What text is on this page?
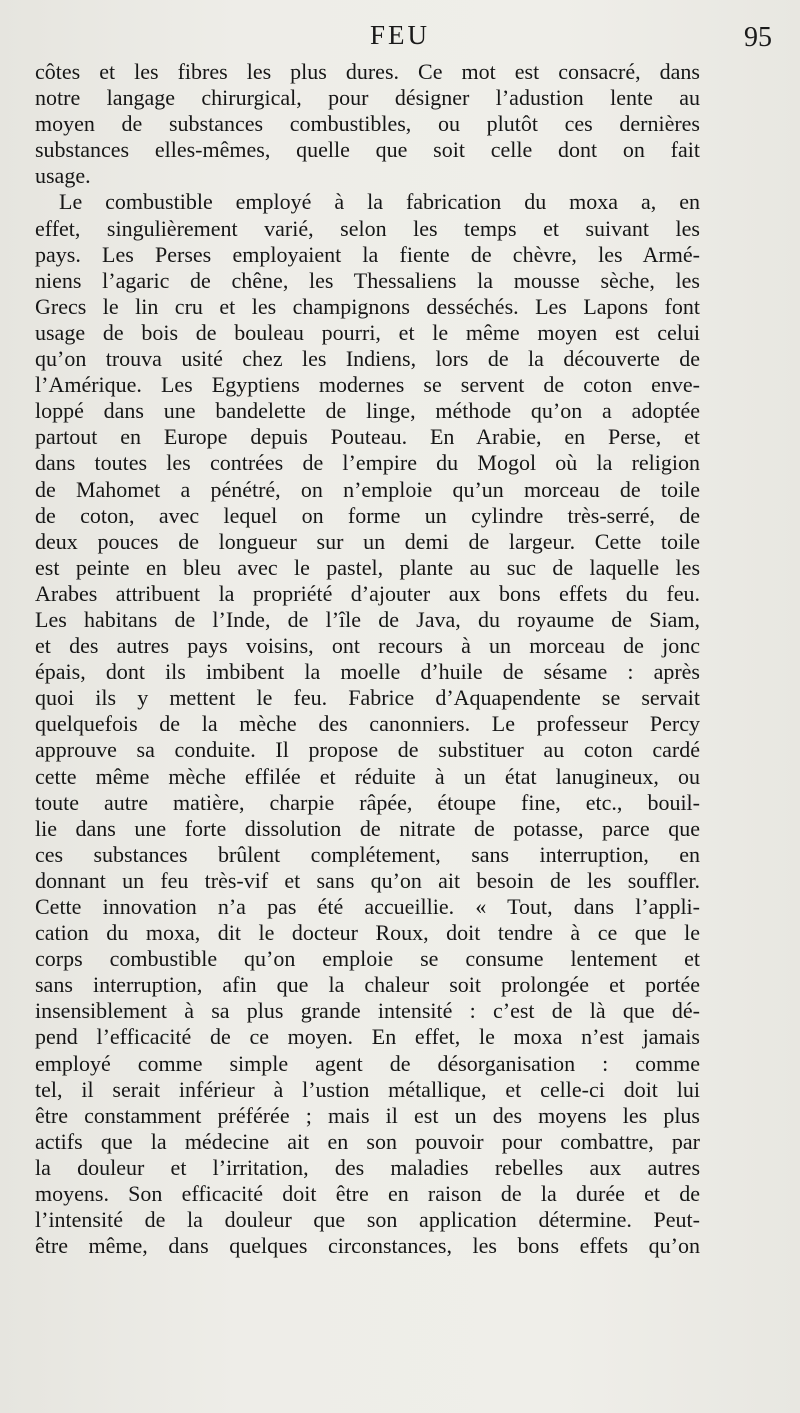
FEU	95
côtes et les fibres les plus dures. Ce mot est consacré, dans
notre langage chirurgical, pour désigner l’adustion lente au
moyen de substances combustibles, ou plutôt ces dernières
substances elles-mêmes, quelle que soit celle dont on fait
usage.
Le combustible employé à la fabrication du moxa a, en
effet, singulièrement varié, selon les temps et suivant les
pays. Les Perses employaient la fiente de chèvre, les Armé-
niens l’agaric de chêne, les Thessaliens la mousse sèche, les
Grecs le lin cru et les champignons desséchés. Les Lapons font
usage de bois de bouleau pourri, et le même moyen est celui
qu’on trouva usité chez les Indiens, lors de la découverte de
l’Amérique. Les Egyptiens modernes se servent de coton enve-
loppé dans une bandelette de linge, méthode qu’on a adoptée
partout en Europe depuis Pouteau. En Arabie, en Perse, et
dans toutes les contrées de l’empire du Mogol où la religion
de Mahomet a pénétré, on n’emploie qu’un morceau de toile
de coton, avec lequel on forme un cylindre très-serré, de
deux pouces de longueur sur un demi de largeur. Cette toile
est peinte en bleu avec le pastel, plante au suc de laquelle les
Arabes attribuent la propriété d’ajouter aux bons effets du feu.
Les habitans de l’Inde, de l’île de Java, du royaume de Siam,
et des autres pays voisins, ont recours à un morceau de jonc
épais, dont ils imbibent la moelle d’huile de sésame : après
quoi ils y mettent le feu. Fabrice d’Aquapendente se servait
quelquefois de la mèche des canonniers. Le professeur Percy
approuve sa conduite. Il propose de substituer au coton cardé
cette même mèche effilée et réduite à un état lanugineux, ou
toute autre matière, charpie râpée, étoupe fine, etc., bouil-
lie dans une forte dissolution de nitrate de potasse, parce que
ces substances brûlent complétement, sans interruption, en
donnant un feu très-vif et sans qu’on ait besoin de les souffler.
Cette innovation n’a pas été accueillie. « Tout, dans l’appli-
cation du moxa, dit le docteur Roux, doit tendre à ce que le
corps combustible qu’on emploie se consume lentement et
sans interruption, afin que la chaleur soit prolongée et portée
insensiblement à sa plus grande intensité : c’est de là que dé-
pend l’efficacité de ce moyen. En effet, le moxa n’est jamais
employé comme simple agent de désorganisation : comme
tel, il serait inférieur à l’ustion métallique, et celle-ci doit lui
être constamment préférée ; mais il est un des moyens les plus
actifs que la médecine ait en son pouvoir pour combattre, par
la douleur et l’irritation, des maladies rebelles aux autres
moyens. Son efficacité doit être en raison de la durée et de
l’intensité de la douleur que son application détermine. Peut-
être même, dans quelques circonstances, les bons effets qu’on
